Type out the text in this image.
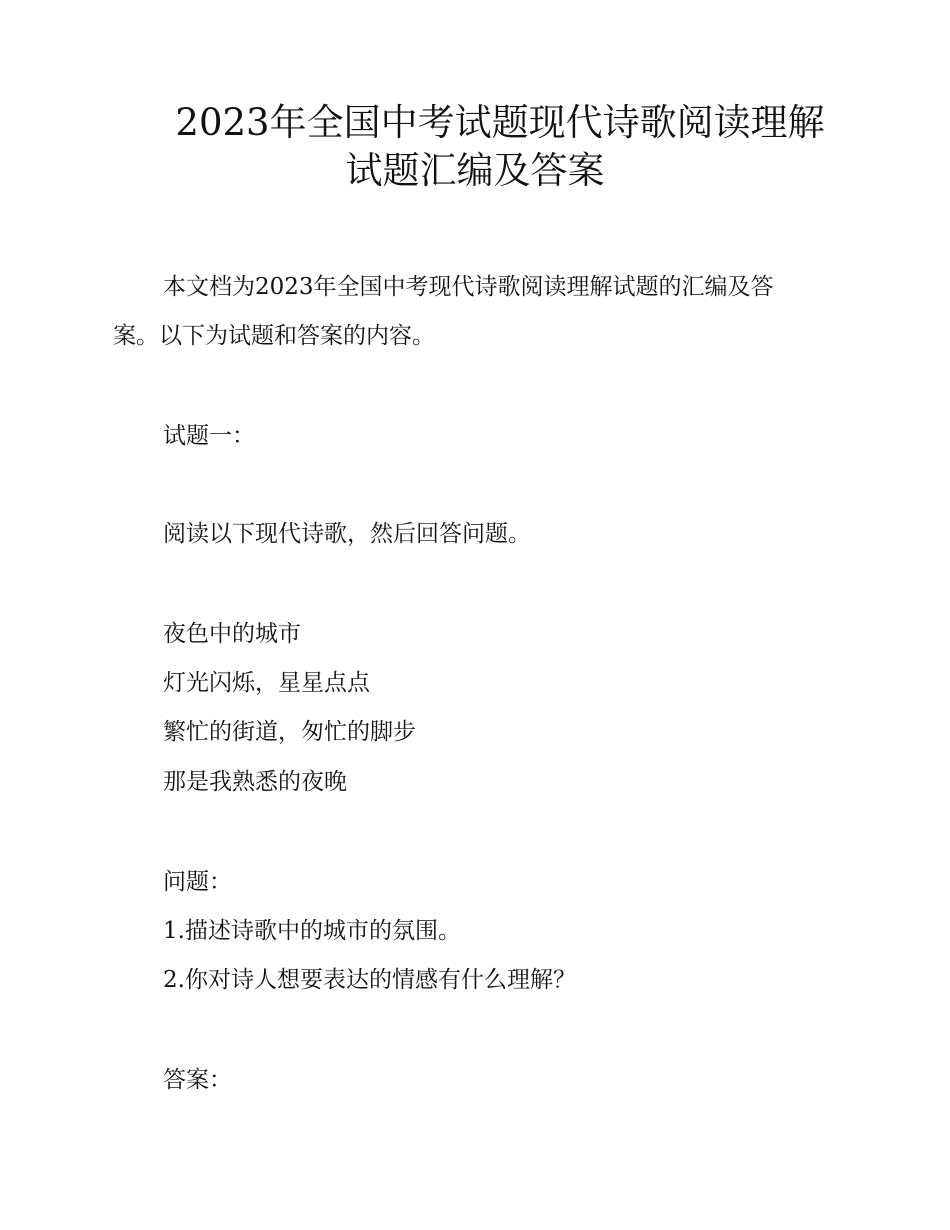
2023年全国中考试题现代诗歌阅读理解
试题汇编及答案
本文档为2023年全国中考现代诗歌阅读理解试题的汇编及答
案。以下为试题和答案的内容。
试题一：
阅读以下现代诗歌，然后回答问题。
夜色中的城市
灯光闪烁，星星点点
繁忙的街道，匆忙的脚步
那是我熟悉的夜晚
问题：
1.描述诗歌中的城市的氛围。
2.你对诗人想要表达的情感有什么理解？
答案：
